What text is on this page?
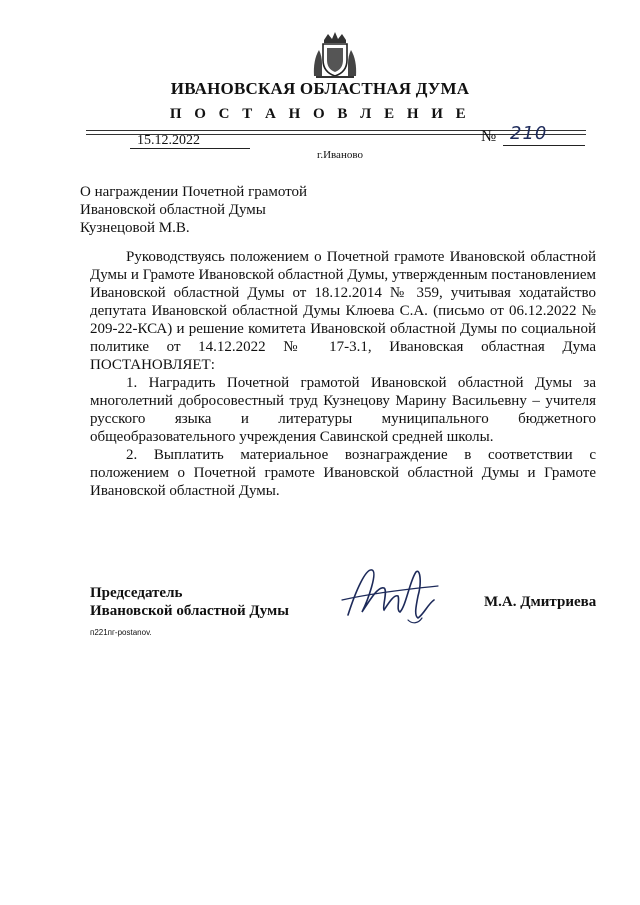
ИВАНОВСКАЯ ОБЛАСТНАЯ ДУМА
П О С Т А Н О В Л Е Н И Е
15.12.2022	№ 210
г.Иваново
О награждении Почетной грамотой
Ивановской областной Думы
Кузнецовой М.В.

Руководствуясь положением о Почетной грамоте Ивановской областной Думы и Грамоте Ивановской областной Думы, утвержденным постановлением Ивановской областной Думы от 18.12.2014 № 359, учитывая ходатайство депутата Ивановской областной Думы Клюева С.А. (письмо от 06.12.2022 № 209-22-КСА) и решение комитета Ивановской областной Думы по социальной политике от 14.12.2022 № 17-3.1, Ивановская областная Дума ПОСТАНОВЛЯЕТ:

1. Наградить Почетной грамотой Ивановской областной Думы за многолетний добросовестный труд Кузнецову Марину Васильевну – учителя русского языка и литературы муниципального бюджетного общеобразовательного учреждения Савинской средней школы.

2. Выплатить материальное вознаграждение в соответствии с положением о Почетной грамоте Ивановской областной Думы и Грамоте Ивановской областной Думы.

Председатель
Ивановской областной Думы
М.А. Дмитриева
п221пг-postanov.
